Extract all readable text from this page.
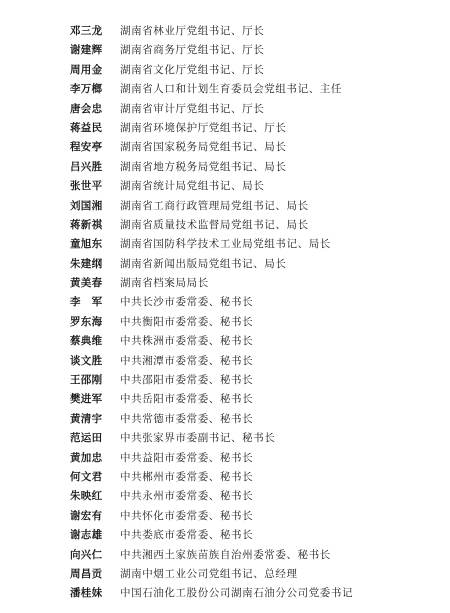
邓三龙	湖南省林业厅党组书记、厅长
谢建辉	湖南省商务厅党组书记、厅长
周用金	湖南省文化厅党组书记、厅长
李万榔	湖南省人口和计划生育委员会党组书记、主任
唐会忠	湖南省审计厅党组书记、厅长
蒋益民	湖南省环境保护厅党组书记、厅长
程安亭	湖南省国家税务局党组书记、局长
吕兴胜	湖南省地方税务局党组书记、局长
张世平	湖南省统计局党组书记、局长
刘国湘	湖南省工商行政管理局党组书记、局长
蒋新祺	湖南省质量技术监督局党组书记、局长
童旭东	湖南省国防科学技术工业局党组书记、局长
朱建纲	湖南省新闻出版局党组书记、局长
黄美春	湖南省档案局局长
李　军	中共长沙市委常委、秘书长
罗东海	中共衡阳市委常委、秘书长
蔡典维	中共株洲市委常委、秘书长
谈文胜	中共湘潭市委常委、秘书长
王邵刚	中共邵阳市委常委、秘书长
樊进军	中共岳阳市委常委、秘书长
黄清宇	中共常德市委常委、秘书长
范运田	中共张家界市委副书记、秘书长
黄加忠	中共益阳市委常委、秘书长
何文君	中共郴州市委常委、秘书长
朱映红	中共永州市委常委、秘书长
谢宏有	中共怀化市委常委、秘书长
谢志雄	中共娄底市委常委、秘书长
向兴仁	中共湘西土家族苗族自治州委常委、秘书长
周昌贡	湖南中烟工业公司党组书记、总经理
潘桂妹	中国石油化工股份公司湖南石油分公司党委书记
